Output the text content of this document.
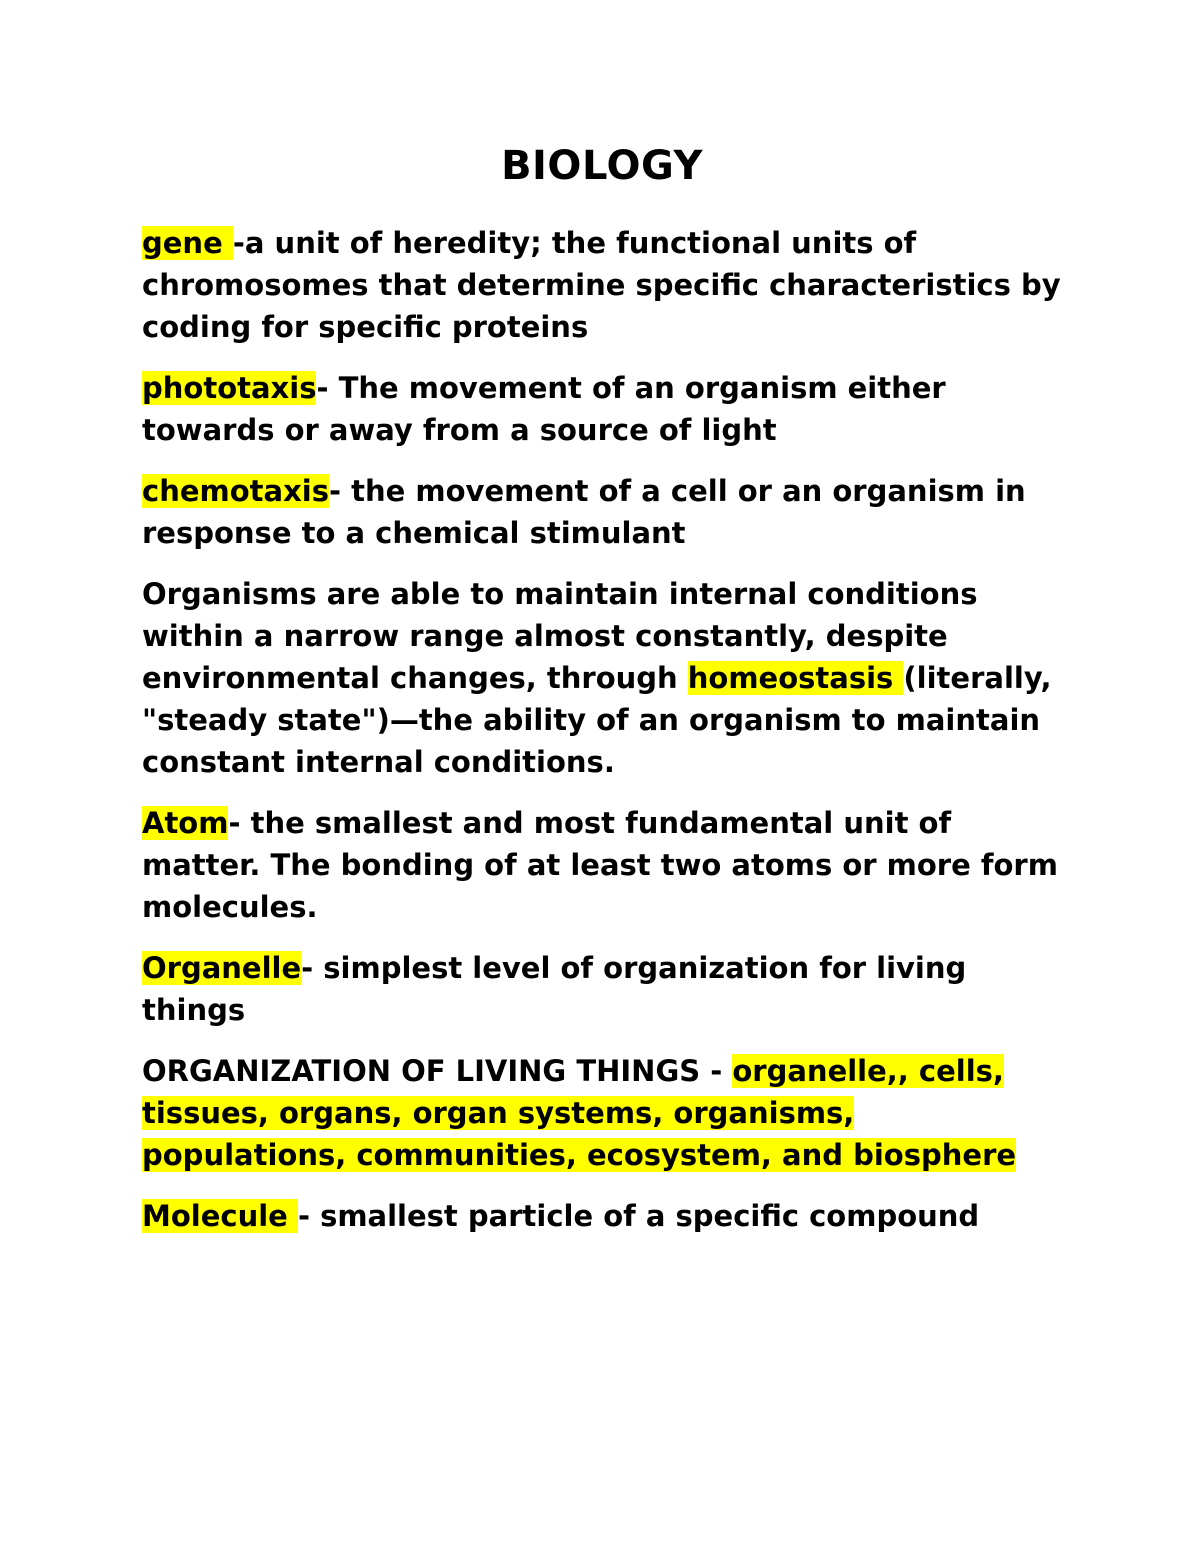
BIOLOGY

gene -a unit of heredity; the functional units of chromosomes that determine specific characteristics by coding for specific proteins

phototaxis- The movement of an organism either towards or away from a source of light

chemotaxis- the movement of a cell or an organism in response to a chemical stimulant

Organisms are able to maintain internal conditions within a narrow range almost constantly, despite environmental changes, through homeostasis (literally, "steady state")—the ability of an organism to maintain constant internal conditions.

Atom- the smallest and most fundamental unit of matter. The bonding of at least two atoms or more form molecules.

Organelle- simplest level of organization for living things

ORGANIZATION OF LIVING THINGS - organelle,, cells, tissues, organs, organ systems, organisms, populations, communities, ecosystem, and biosphere

Molecule - smallest particle of a specific compound
